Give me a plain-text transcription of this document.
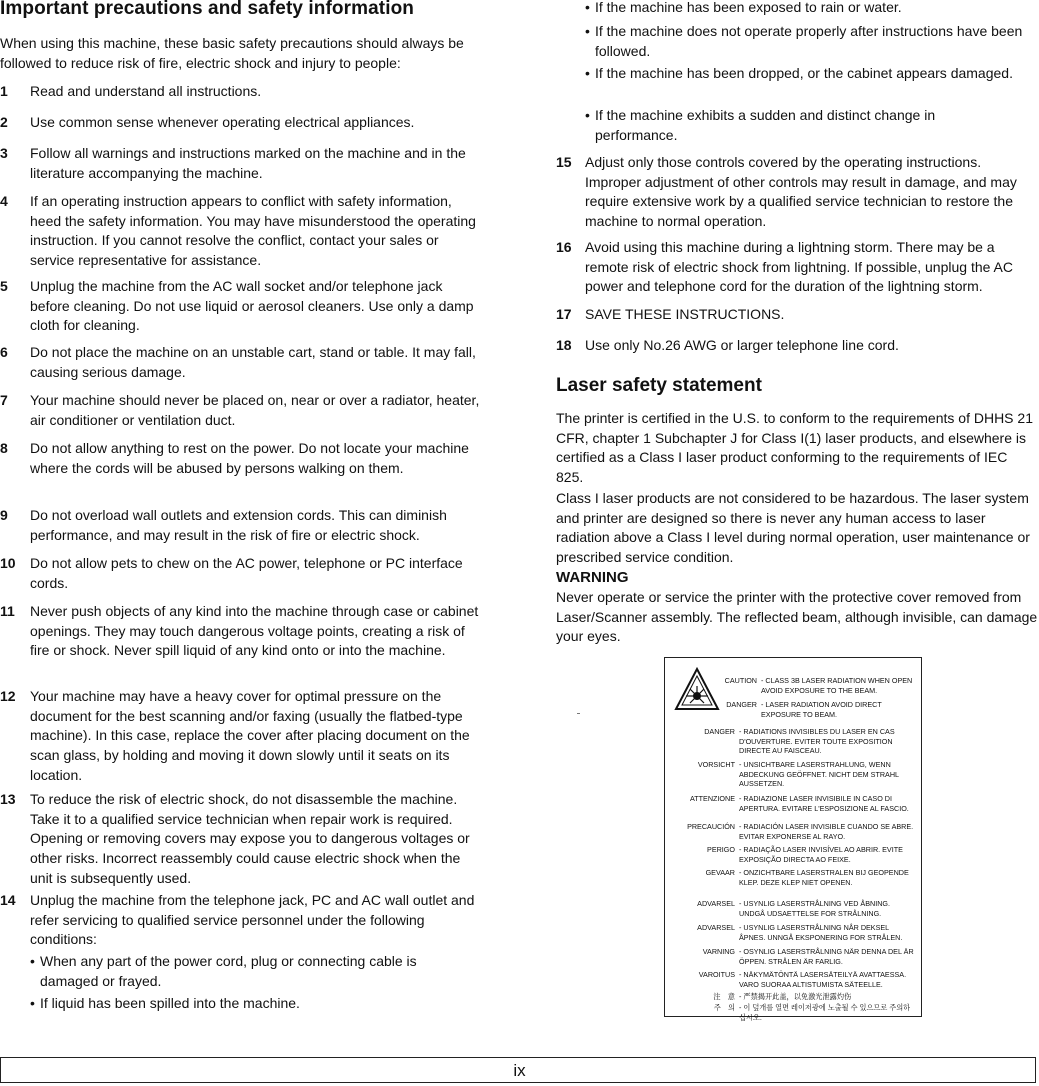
Important precautions and safety information

When using this machine, these basic safety precautions should always be followed to reduce risk of fire, electric shock and injury to people:

1	Read and understand all instructions.
2	Use common sense whenever operating electrical appliances.
3	Follow all warnings and instructions marked on the machine and in the literature accompanying the machine.
4	If an operating instruction appears to conflict with safety information, heed the safety information. You may have misunderstood the operating instruction. If you cannot resolve the conflict, contact your sales or service representative for assistance.
5	Unplug the machine from the AC wall socket and/or telephone jack before cleaning. Do not use liquid or aerosol cleaners. Use only a damp cloth for cleaning.
6	Do not place the machine on an unstable cart, stand or table. It may fall, causing serious damage.
7	Your machine should never be placed on, near or over a radiator, heater, air conditioner or ventilation duct.
8	Do not allow anything to rest on the power. Do not locate your machine where the cords will be abused by persons walking on them.
9	Do not overload wall outlets and extension cords. This can diminish performance, and may result in the risk of fire or electric shock.
10	Do not allow pets to chew on the AC power, telephone or PC interface cords.
11	Never push objects of any kind into the machine through case or cabinet openings. They may touch dangerous voltage points, creating a risk of fire or shock. Never spill liquid of any kind onto or into the machine.
12	Your machine may have a heavy cover for optimal pressure on the document for the best scanning and/or faxing (usually the flatbed-type machine). In this case, replace the cover after placing document on the scan glass, by holding and moving it down slowly until it seats on its location.
13	To reduce the risk of electric shock, do not disassemble the machine. Take it to a qualified service technician when repair work is required. Opening or removing covers may expose you to dangerous voltages or other risks. Incorrect reassembly could cause electric shock when the unit is subsequently used.
14	Unplug the machine from the telephone jack, PC and AC wall outlet and refer servicing to qualified service personnel under the following conditions:
• When any part of the power cord, plug or connecting cable is damaged or frayed.
• If liquid has been spilled into the machine.
• If the machine has been exposed to rain or water.
• If the machine does not operate properly after instructions have been followed.
• If the machine has been dropped, or the cabinet appears damaged.
• If the machine exhibits a sudden and distinct change in performance.
15 Adjust only those controls covered by the operating instructions. Improper adjustment of other controls may result in damage, and may require extensive work by a qualified service technician to restore the machine to normal operation.
16 Avoid using this machine during a lightning storm. There may be a remote risk of electric shock from lightning. If possible, unplug the AC power and telephone cord for the duration of the lightning storm.
17 SAVE THESE INSTRUCTIONS.
18 Use only No.26 AWG or larger telephone line cord.
Laser safety statement

The printer is certified in the U.S. to conform to the requirements of DHHS 21 CFR, chapter 1 Subchapter J for Class I(1) laser products, and elsewhere is certified as a Class I laser product conforming to the requirements of IEC 825.

Class I laser products are not considered to be hazardous. The laser system and printer are designed so there is never any human access to laser radiation above a Class I level during normal operation, user maintenance or prescribed service condition.

WARNING

Never operate or service the printer with the protective cover removed from Laser/Scanner assembly. The reflected beam, although invisible, can damage your eyes.

CAUTION - CLASS 3B LASER RADIATION WHEN OPEN AVOID EXPOSURE TO THE BEAM.
DANGER - LASER RADIATION AVOID DIRECT EXPOSURE TO BEAM.
DANGER - RADIATIONS INVISIBLES DU LASER EN CAS D'OUVERTURE. EVITER TOUTE EXPOSITION DIRECTE AU FAISCEAU.
VORSICHT - UNSICHTBARE LASERSTRAHLUNG, WENN ABDECKUNG GEÖFFNET. NICHT DEM STRAHL AUSSETZEN.
ATTENZIONE - RADIAZIONE LASER INVISIBILE IN CASO DI APERTURA. EVITARE L'ESPOSIZIONE AL FASCIO.
PRECAUCIÓN - RADIACIÓN LASER INVISIBLE CUANDO SE ABRE. EVITAR EXPONERSE AL RAYO.
PERIGO - RADIAÇÃO LASER INVISÍVEL AO ABRIR. EVITE EXPOSIÇÃO DIRECTA AO FEIXE.
GEVAAR - ONZICHTBARE LASERSTRALEN BIJ GEOPENDE KLEP. DEZE KLEP NIET OPENEN.
ADVARSEL - USYNLIG LASERSTRÅLNING VED ÅBNING. UNDGÅ UDSAETTELSE FOR STRÅLNING.
ADVARSEL - USYNLIG LASERSTRÅLNING NÅR DEKSEL ÅPNES. UNNGÅ EKSPONERING FOR STRÅLEN.
VARNING - OSYNLIG LASERSTRÅLNING NÄR DENNA DEL ÄR ÖPPEN. STRÅLEN ÄR FARLIG.
VAROITUS - NÄKYMÄTÖNTÄ LASERSÄTEILYÄ AVATTAESSA. VARO SUORAA ALTISTUMISTA SÄTEELLE.
注　意 - 严禁揭开此盖，以免激光泄露灼伤
주　의 - 이 덮개를 열면 레이저광에 노출될 수 있으므로 주의하십시오.
ix
